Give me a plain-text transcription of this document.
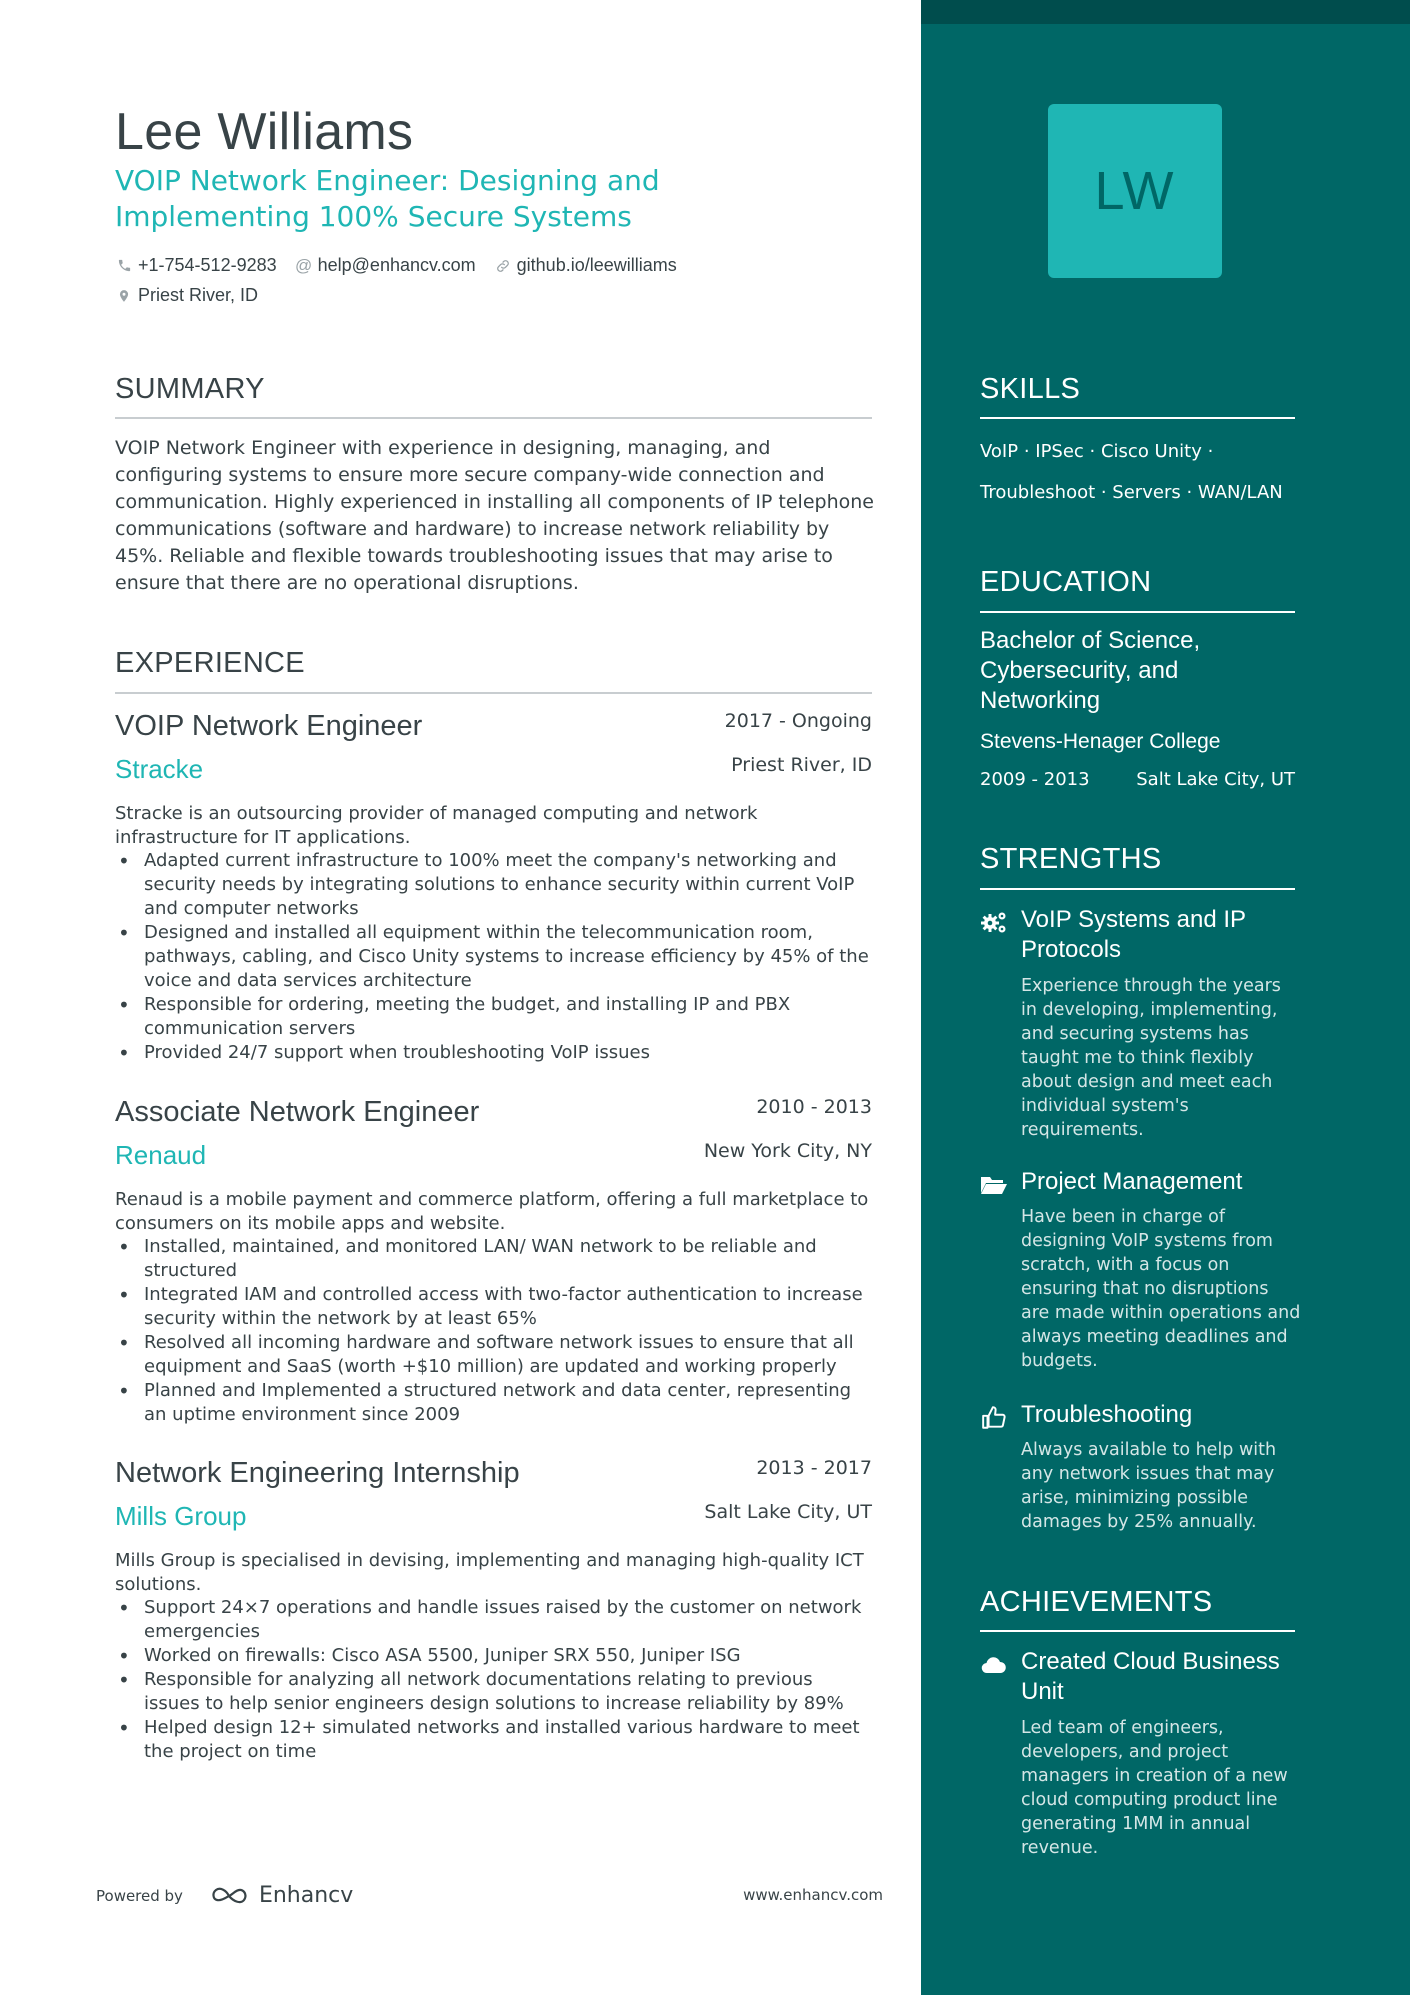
Lee Williams
VOIP Network Engineer: Designing and Implementing 100% Secure Systems
+1-754-512-9283 @ help@enhancv.com github.io/leewilliams
Priest River, ID
SUMMARY
VOIP Network Engineer with experience in designing, managing, and configuring systems to ensure more secure company-wide connection and communication. Highly experienced in installing all components of IP telephone communications (software and hardware) to increase network reliability by 45%. Reliable and flexible towards troubleshooting issues that may arise to ensure that there are no operational disruptions.
EXPERIENCE
VOIP Network Engineer	2017 - Ongoing
Stracke	Priest River, ID
Stracke is an outsourcing provider of managed computing and network infrastructure for IT applications.
• Adapted current infrastructure to 100% meet the company's networking and security needs by integrating solutions to enhance security within current VoIP and computer networks
• Designed and installed all equipment within the telecommunication room, pathways, cabling, and Cisco Unity systems to increase efficiency by 45% of the voice and data services architecture
• Responsible for ordering, meeting the budget, and installing IP and PBX communication servers
• Provided 24/7 support when troubleshooting VoIP issues
Associate Network Engineer	2010 - 2013
Renaud	New York City, NY
Renaud is a mobile payment and commerce platform, offering a full marketplace to consumers on its mobile apps and website.
• Installed, maintained, and monitored LAN/ WAN network to be reliable and structured
• Integrated IAM and controlled access with two-factor authentication to increase security within the network by at least 65%
• Resolved all incoming hardware and software network issues to ensure that all equipment and SaaS (worth +$10 million) are updated and working properly
• Planned and Implemented a structured network and data center, representing an uptime environment since 2009
Network Engineering Internship	2013 - 2017
Mills Group	Salt Lake City, UT
Mills Group is specialised in devising, implementing and managing high-quality ICT solutions.
• Support 24×7 operations and handle issues raised by the customer on network emergencies
• Worked on firewalls: Cisco ASA 5500, Juniper SRX 550, Juniper ISG
• Responsible for analyzing all network documentations relating to previous issues to help senior engineers design solutions to increase reliability by 89%
• Helped design 12+ simulated networks and installed various hardware to meet the project on time
Powered by	Enhancv	www.enhancv.com
LW
SKILLS
VoIP · IPSec · Cisco Unity ·
Troubleshoot · Servers · WAN/LAN
EDUCATION
Bachelor of Science, Cybersecurity, and Networking
Stevens-Henager College
2009 - 2013	Salt Lake City, UT
STRENGTHS
VoIP Systems and IP Protocols
Experience through the years in developing, implementing, and securing systems has taught me to think flexibly about design and meet each individual system's requirements.
Project Management
Have been in charge of designing VoIP systems from scratch, with a focus on ensuring that no disruptions are made within operations and always meeting deadlines and budgets.
Troubleshooting
Always available to help with any network issues that may arise, minimizing possible damages by 25% annually.
ACHIEVEMENTS
Created Cloud Business Unit
Led team of engineers, developers, and project managers in creation of a new cloud computing product line generating 1MM in annual revenue.
